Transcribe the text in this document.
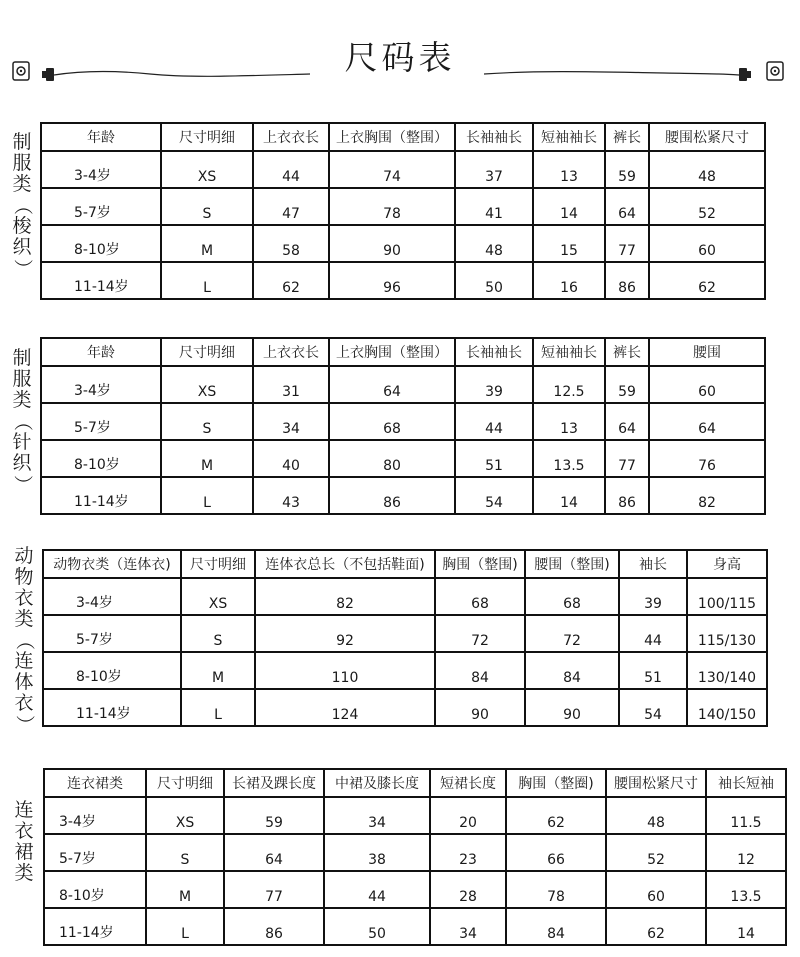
尺码表
制
服
类
（
梭
织
）
年龄	尺寸明细	上衣衣长	上衣胸围（整围）	长袖袖长	短袖袖长	裤长	腰围松紧尺寸
3-4岁	XS	44	74	37	13	59	48
5-7岁	S	47	78	41	14	64	52
8-10岁	M	58	90	48	15	77	60
11-14岁	L	62	96	50	16	86	62
制
服
类
（
针
织
）
年龄	尺寸明细	上衣衣长	上衣胸围（整围）	长袖袖长	短袖袖长	裤长	腰围
3-4岁	XS	31	64	39	12.5	59	60
5-7岁	S	34	68	44	13	64	64
8-10岁	M	40	80	51	13.5	77	76
11-14岁	L	43	86	54	14	86	82
动
物
衣
类
（
连
体
衣
）
动物衣类（连体衣)	尺寸明细	连体衣总长（不包括鞋面)	胸围（整围)	腰围（整围)	袖长	身高
3-4岁	XS	82	68	68	39	100/115
5-7岁	S	92	72	72	44	115/130
8-10岁	M	110	84	84	51	130/140
11-14岁	L	124	90	90	54	140/150
连
衣
裙
类
连衣裙类	尺寸明细	长裙及踝长度	中裙及膝长度	短裙长度	胸围（整圈)	腰围松紧尺寸	袖长短袖
3-4岁	XS	59	34	20	62	48	11.5
5-7岁	S	64	38	23	66	52	12
8-10岁	M	77	44	28	78	60	13.5
11-14岁	L	86	50	34	84	62	14
